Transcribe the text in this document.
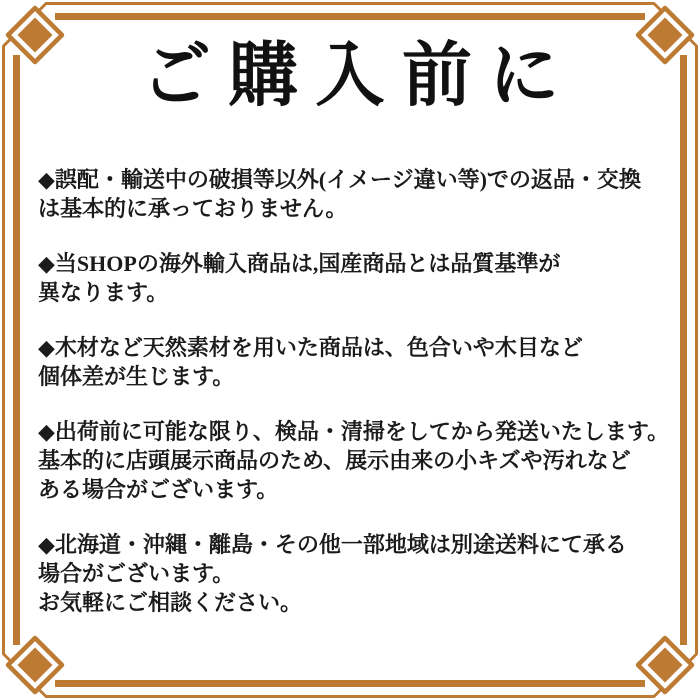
ご購入前に
◆誤配・輸送中の破損等以外(イメージ違い等)での返品・交換
は基本的に承っておりません。
◆当SHOPの海外輸入商品は,国産商品とは品質基準が
異なります。
◆木材など天然素材を用いた商品は、色合いや木目など
個体差が生じます。
◆出荷前に可能な限り、検品・清掃をしてから発送いたします。
基本的に店頭展示商品のため、展示由来の小キズや汚れなど
ある場合がございます。
◆北海道・沖縄・離島・その他一部地域は別途送料にて承る
場合がございます。
お気軽にご相談ください。
